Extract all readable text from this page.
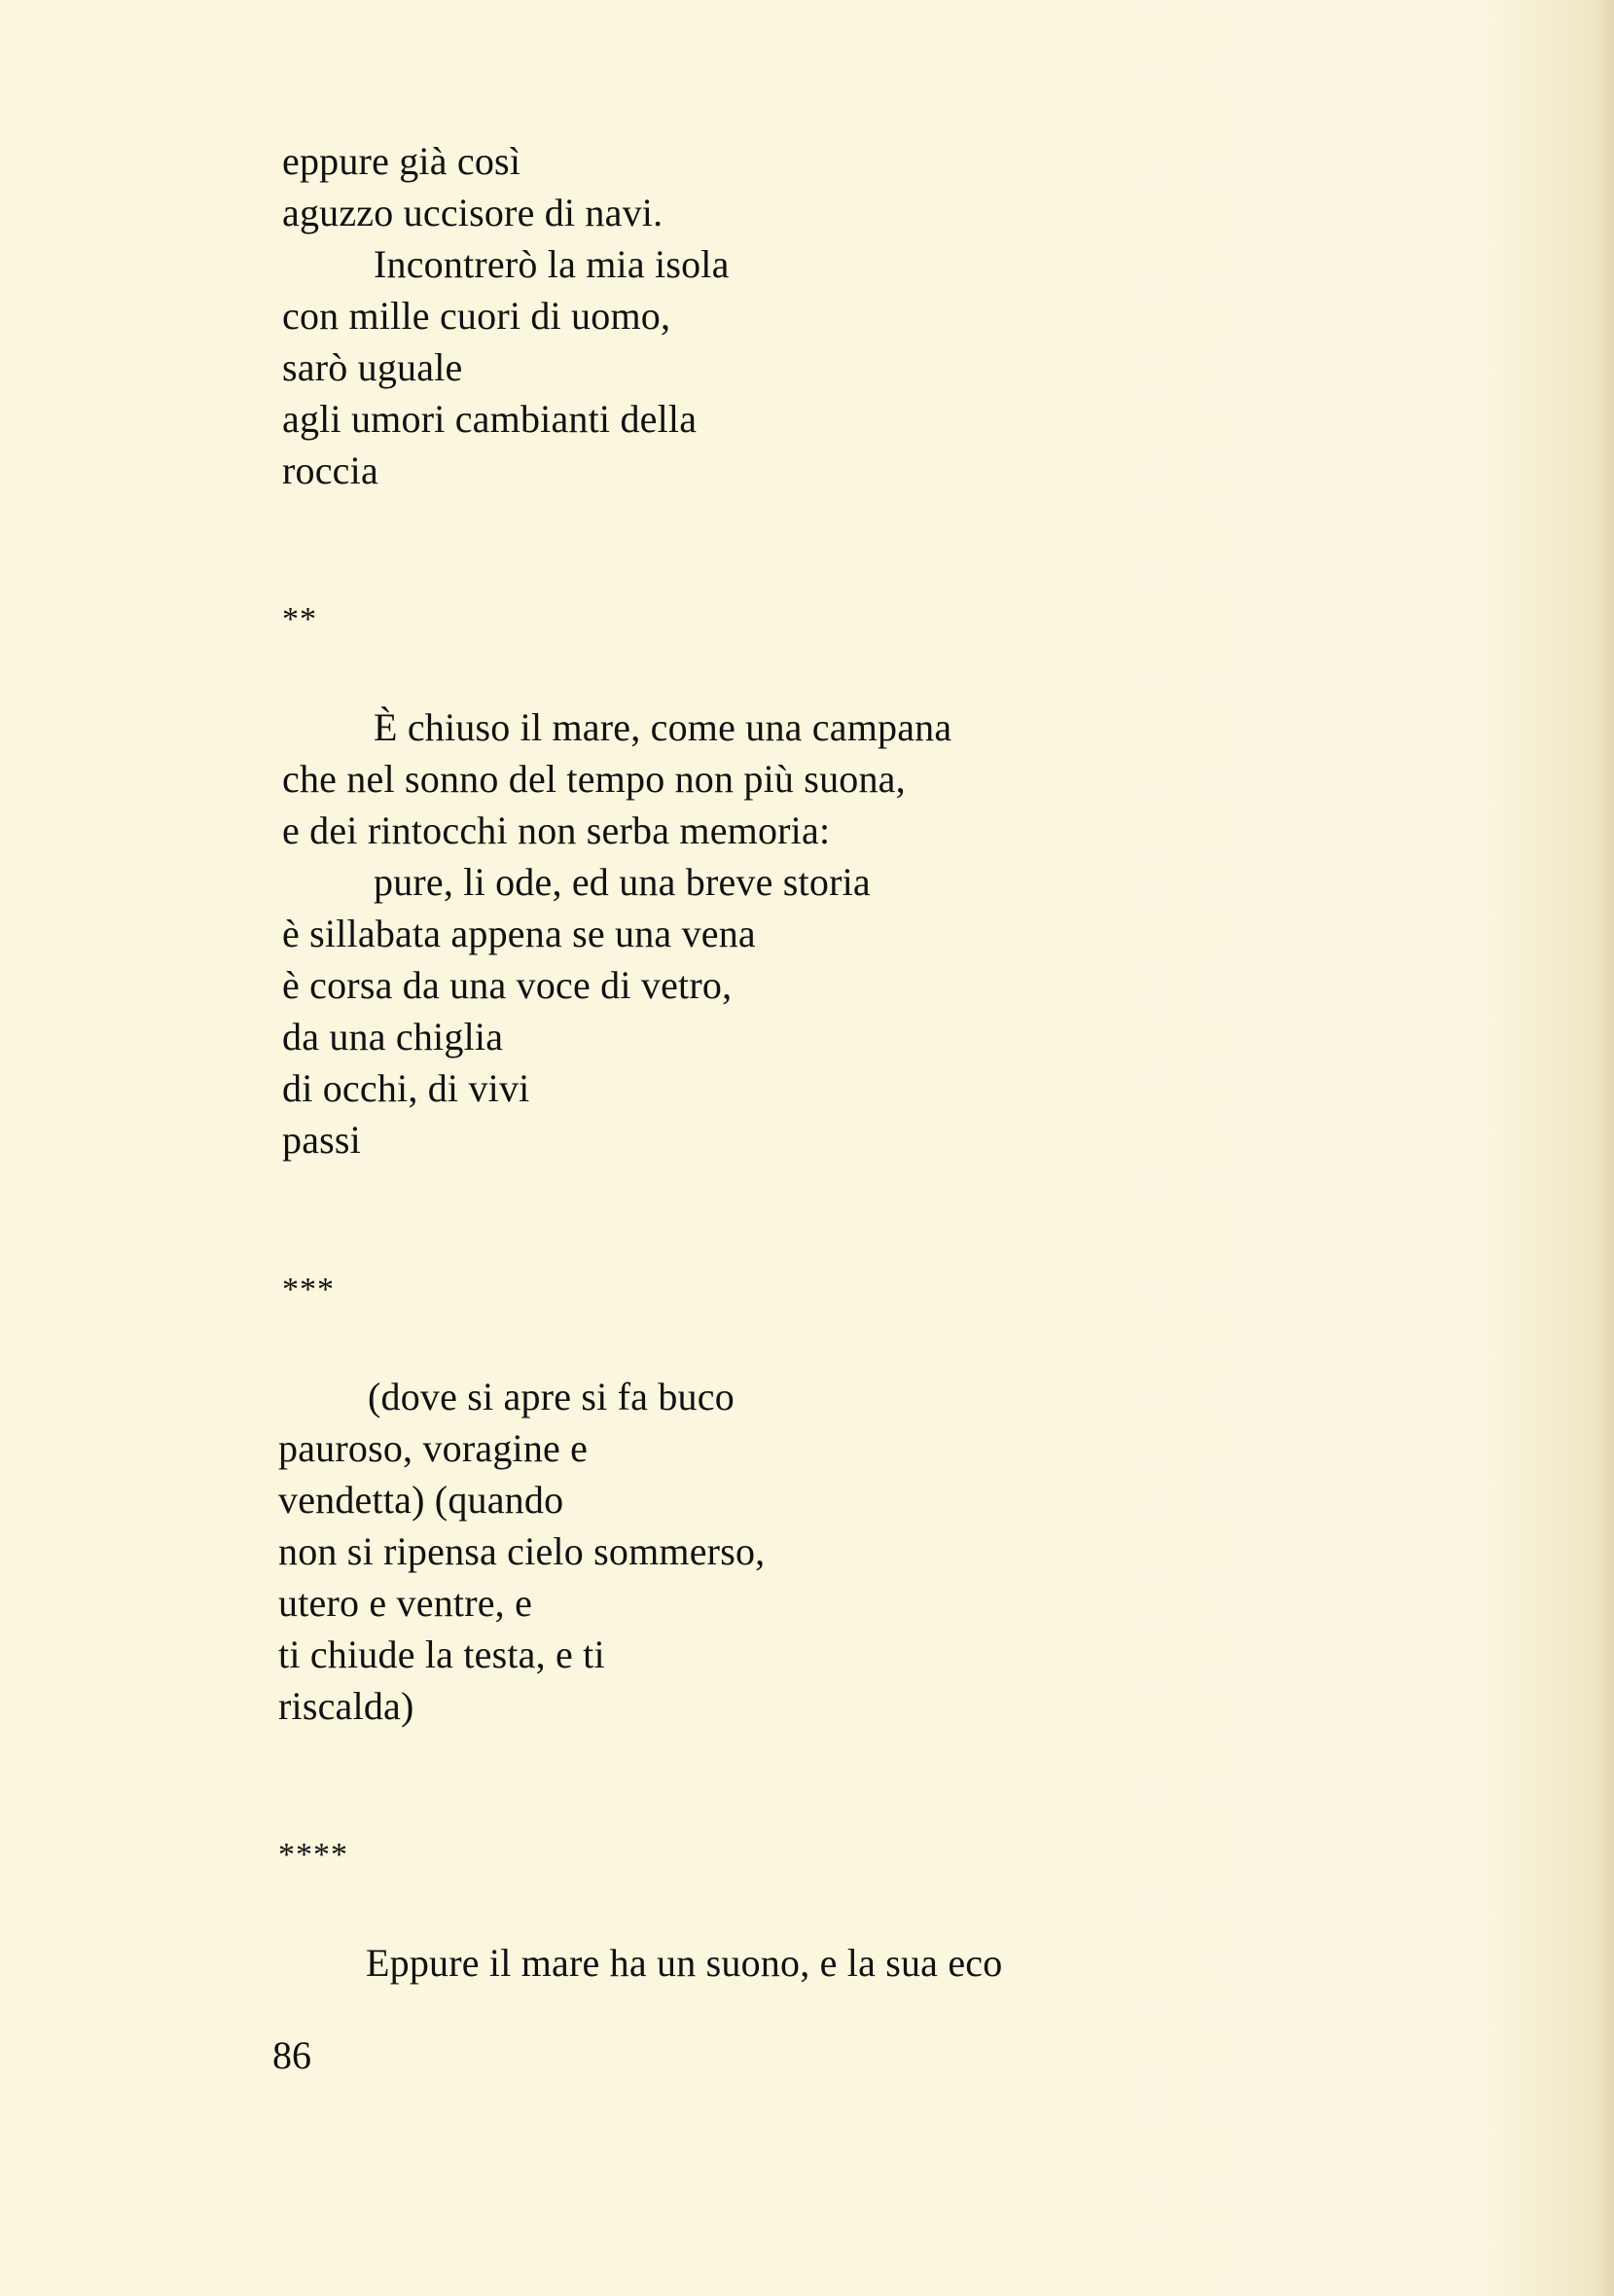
eppure già così

aguzzo uccisore di navi.

Incontrerò la mia isola

con mille cuori di uomo,

sarò uguale

agli umori cambianti della

roccia

**

È chiuso il mare, come una campana

che nel sonno del tempo non più suona,

e dei rintocchi non serba memoria:

pure, li ode, ed una breve storia

è sillabata appena se una vena

è corsa da una voce di vetro,

da una chiglia

di occhi, di vivi

passi

***

(dove si apre si fa buco

pauroso, voragine e

vendetta) (quando

non si ripensa cielo sommerso,

utero e ventre, e

ti chiude la testa, e ti

riscalda)

****

Eppure il mare ha un suono, e la sua eco

86
